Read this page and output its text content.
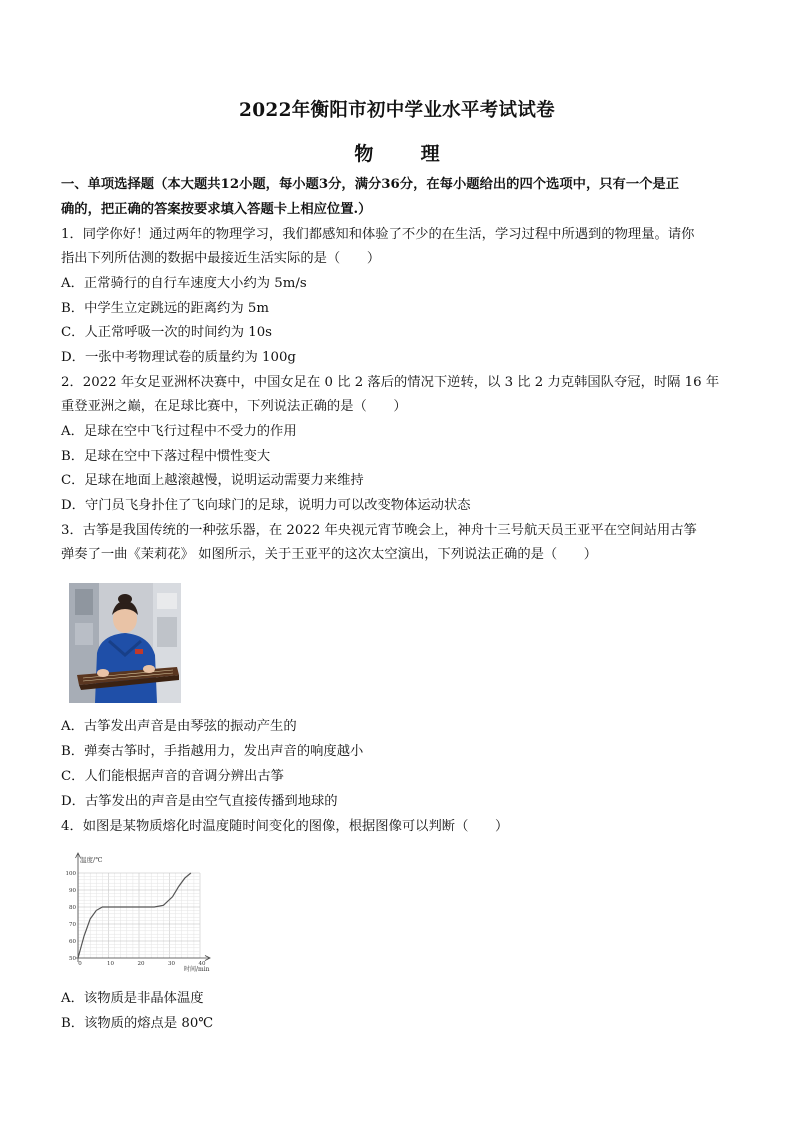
2022年衡阳市初中学业水平考试试卷
物 理
一、单项选择题（本大题共12小题，每小题3分，满分36分，在每小题给出的四个选项中，只有一个是正
确的，把正确的答案按要求填入答题卡上相应位置.）
1．同学你好！通过两年的物理学习，我们都感知和体验了不少的在生活，学习过程中所遇到的物理量。请你
指出下列所估测的数据中最接近生活实际的是（　　）
A．正常骑行的自行车速度大小约为 5m/s
B．中学生立定跳远的距离约为 5m
C．人正常呼吸一次的时间约为 10s
D．一张中考物理试卷的质量约为 100g
2．2022 年女足亚洲杯决赛中，中国女足在 0 比 2 落后的情况下逆转，以 3 比 2 力克韩国队夺冠，时隔 16 年
重登亚洲之巅，在足球比赛中，下列说法正确的是（　　）
A．足球在空中飞行过程中不受力的作用
B．足球在空中下落过程中惯性变大
C．足球在地面上越滚越慢，说明运动需要力来维持
D．守门员飞身扑住了飞向球门的足球，说明力可以改变物体运动状态
3．古筝是我国传统的一种弦乐器，在 2022 年央视元宵节晚会上，神舟十三号航天员王亚平在空间站用古筝
弹奏了一曲《茉莉花》 如图所示，关于王亚平的这次太空演出，下列说法正确的是（　　）
A．古筝发出声音是由琴弦的振动产生的
B．弹奏古筝时，手指越用力，发出声音的响度越小
C．人们能根据声音的音调分辨出古筝
D．古筝发出的声音是由空气直接传播到地球的
4．如图是某物质熔化时温度随时间变化的图像，根据图像可以判断（　　）
温度/℃
时间/min
100
90
80
70
60
50
0	10	20	30	40
A．该物质是非晶体温度
B．该物质的熔点是 80℃
